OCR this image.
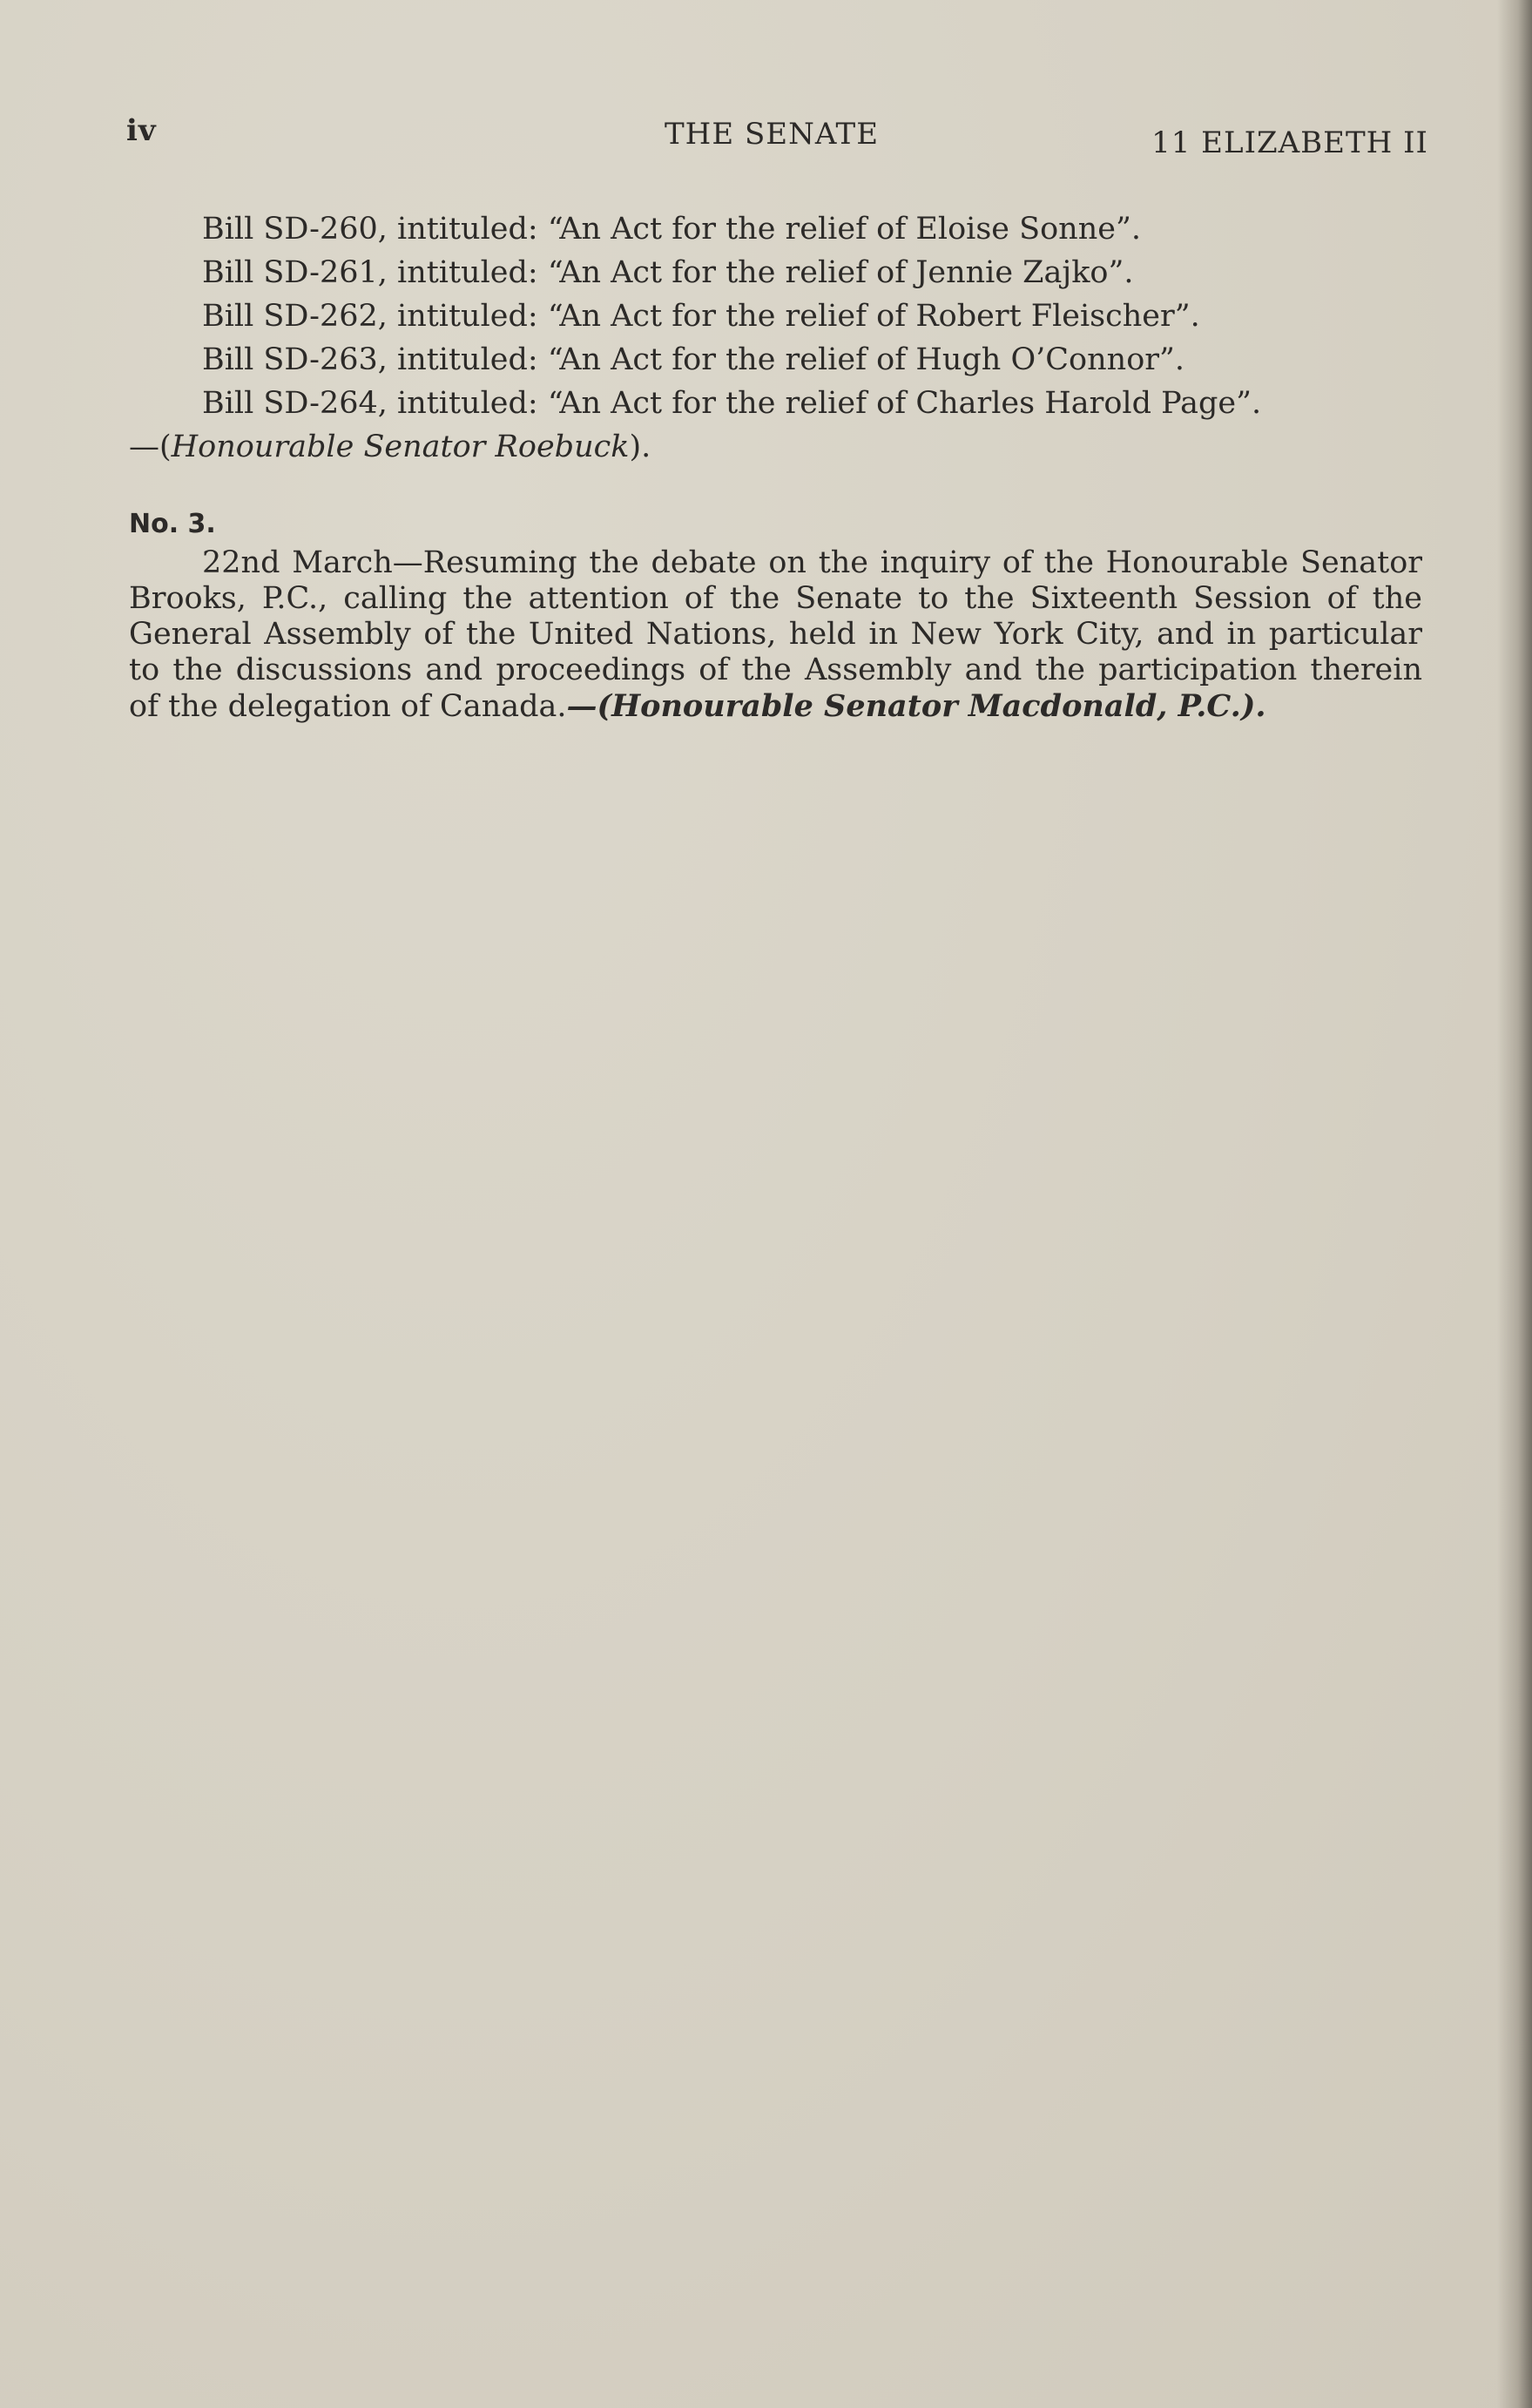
iv	THE SENATE	11 ELIZABETH II
Bill SD-260, intituled: “An Act for the relief of Eloise Sonne”.
Bill SD-261, intituled: “An Act for the relief of Jennie Zajko”.
Bill SD-262, intituled: “An Act for the relief of Robert Fleischer”.
Bill SD-263, intituled: “An Act for the relief of Hugh O’Connor”.
Bill SD-264, intituled: “An Act for the relief of Charles Harold Page”.
—(Honourable Senator Roebuck).
No. 3.
22nd March—Resuming the debate on the inquiry of the Honourable Senator Brooks, P.C., calling the attention of the Senate to the Sixteenth Session of the General Assembly of the United Nations, held in New York City, and in particular to the discussions and proceedings of the Assembly and the participation therein of the delegation of Canada.—(Honourable Senator Macdonald, P.C.).
